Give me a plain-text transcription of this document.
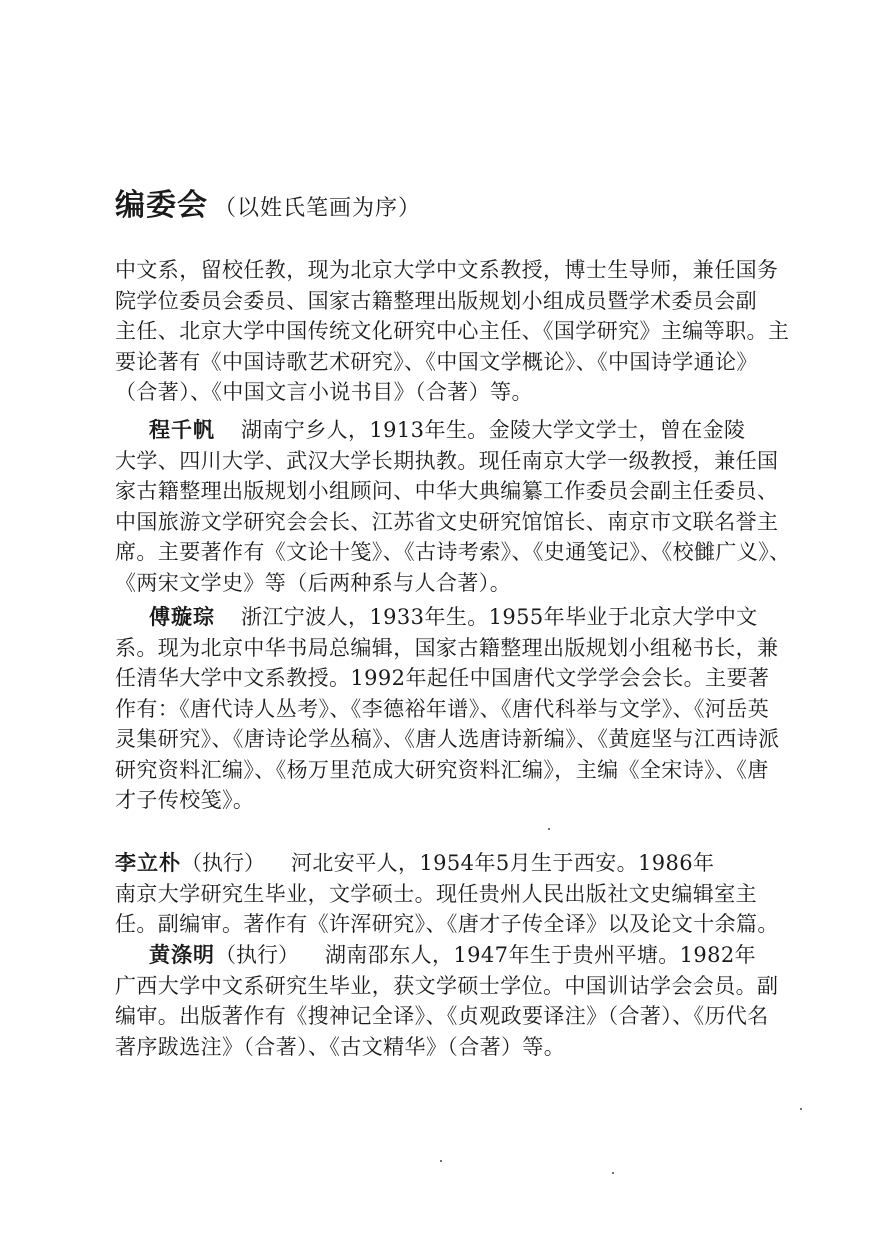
编委会 （以姓氏笔画为序）

中文系，留校任教，现为北京大学中文系教授，博士生导师，兼任国务
院学位委员会委员、国家古籍整理出版规划小组成员暨学术委员会副
主任、北京大学中国传统文化研究中心主任、《国学研究》主编等职。主
要论著有《中国诗歌艺术研究》、《中国文学概论》、《中国诗学通论》
（合著）、《中国文言小说书目》（合著）等。

程千帆 湖南宁乡人，1913年生。金陵大学文学士，曾在金陵
大学、四川大学、武汉大学长期执教。现任南京大学一级教授，兼任国
家古籍整理出版规划小组顾问、中华大典编纂工作委员会副主任委员、
中国旅游文学研究会会长、江苏省文史研究馆馆长、南京市文联名誉主
席。主要著作有《文论十笺》、《古诗考索》、《史通笺记》、《校雠广义》、
《两宋文学史》等（后两种系与人合著）。

傅璇琮 浙江宁波人，1933年生。1955年毕业于北京大学中文
系。现为北京中华书局总编辑，国家古籍整理出版规划小组秘书长，兼
任清华大学中文系教授。1992年起任中国唐代文学学会会长。主要著
作有：《唐代诗人丛考》、《李德裕年谱》、《唐代科举与文学》、《河岳英
灵集研究》、《唐诗论学丛稿》、《唐人选唐诗新编》、《黄庭坚与江西诗派
研究资料汇编》、《杨万里范成大研究资料汇编》，主编《全宋诗》、《唐
才子传校笺》。

李立朴（执行） 河北安平人，1954年5月生于西安。1986年
南京大学研究生毕业，文学硕士。现任贵州人民出版社文史编辑室主
任。副编审。著作有《许浑研究》、《唐才子传全译》以及论文十余篇。

黄涤明（执行） 湖南邵东人，1947年生于贵州平塘。1982年
广西大学中文系研究生毕业，获文学硕士学位。中国训诂学会会员。副
编审。出版著作有《搜神记全译》、《贞观政要译注》（合著）、《历代名
著序跋选注》（合著）、《古文精华》（合著）等。
